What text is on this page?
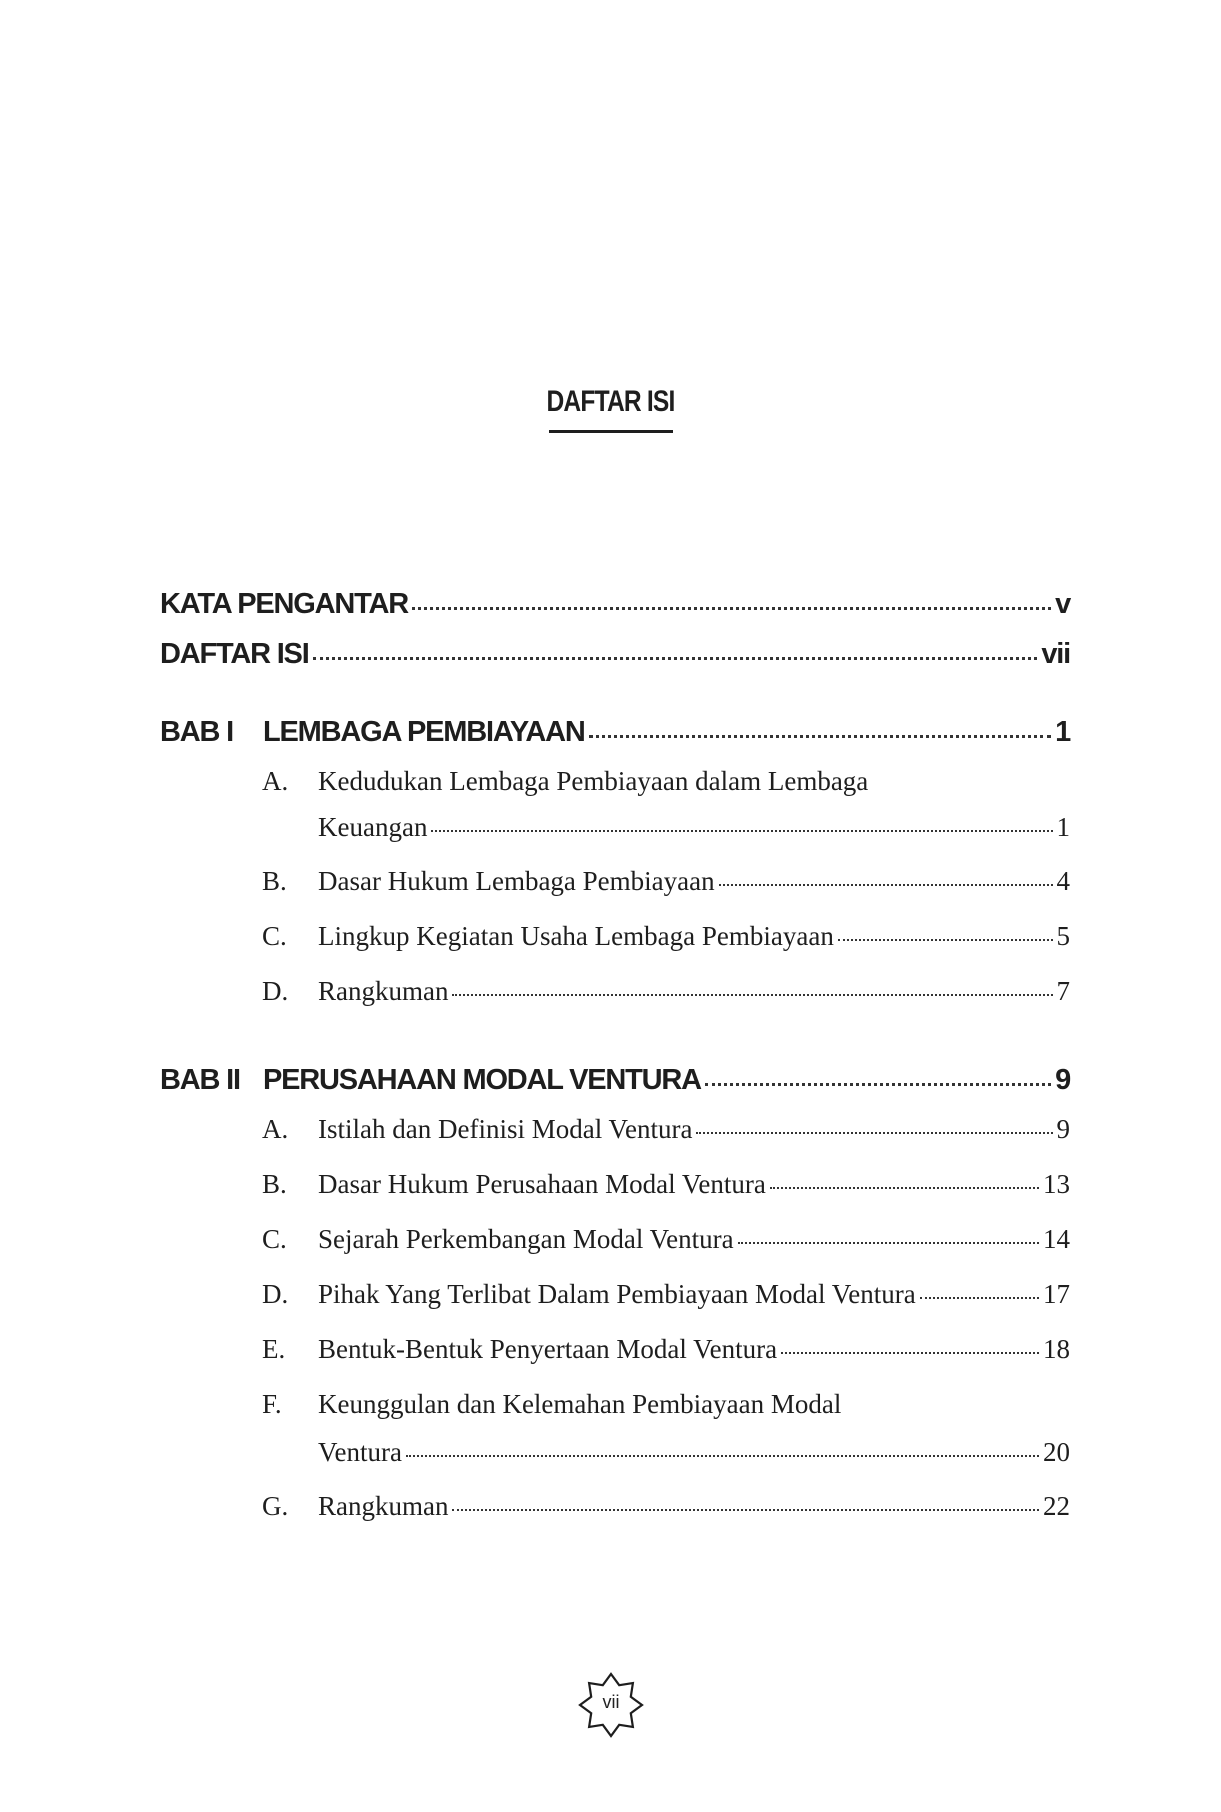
DAFTAR ISI
KATA PENGANTAR	v
DAFTAR ISI	vii
BAB I LEMBAGA PEMBIAYAAN	1
A. Kedudukan Lembaga Pembiayaan dalam Lembaga
Keuangan	1
B. Dasar Hukum Lembaga Pembiayaan	4
C. Lingkup Kegiatan Usaha Lembaga Pembiayaan	5
D. Rangkuman	7
BAB II PERUSAHAAN MODAL VENTURA	9
A. Istilah dan Definisi Modal Ventura	9
B. Dasar Hukum Perusahaan Modal Ventura	13
C. Sejarah Perkembangan Modal Ventura	14
D. Pihak Yang Terlibat Dalam Pembiayaan Modal Ventura	17
E. Bentuk-Bentuk Penyertaan Modal Ventura	18
F. Keunggulan dan Kelemahan Pembiayaan Modal
Ventura	20
G. Rangkuman	22
vii
